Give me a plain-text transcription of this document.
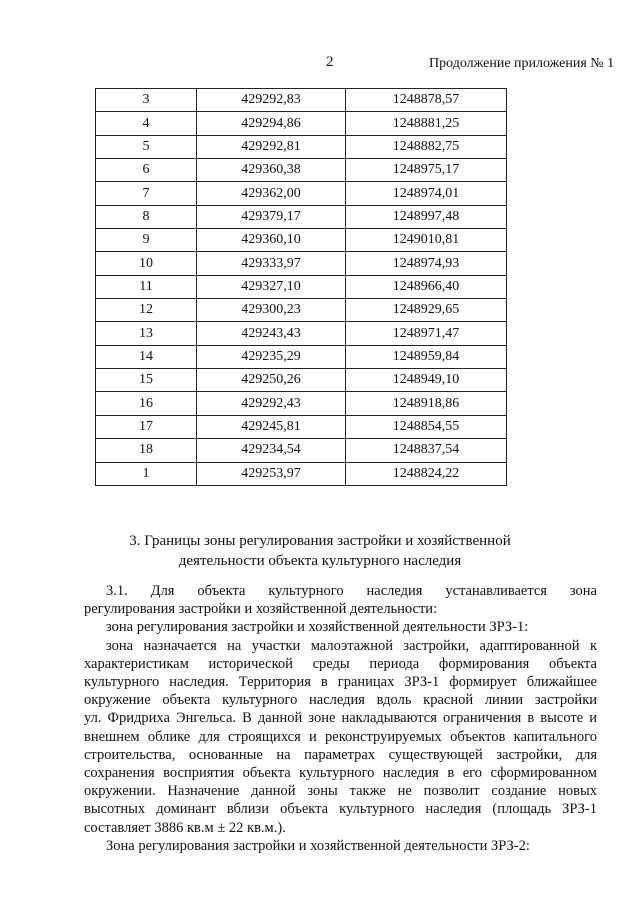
2	Продолжение приложения № 1
3	429292,83	1248878,57
4	429294,86	1248881,25
5	429292,81	1248882,75
6	429360,38	1248975,17
7	429362,00	1248974,01
8	429379,17	1248997,48
9	429360,10	1249010,81
10	429333,97	1248974,93
11	429327,10	1248966,40
12	429300,23	1248929,65
13	429243,43	1248971,47
14	429235,29	1248959,84
15	429250,26	1248949,10
16	429292,43	1248918,86
17	429245,81	1248854,55
18	429234,54	1248837,54
1	429253,97	1248824,22
3. Границы зоны регулирования застройки и хозяйственной
деятельности объекта культурного наследия

3.1. Для объекта культурного наследия устанавливается зона

регулирования застройки и хозяйственной деятельности:

зона регулирования застройки и хозяйственной деятельности ЗРЗ-1:

зона назначается на участки малоэтажной застройки, адаптированной к

характеристикам исторической среды периода формирования объекта

культурного наследия. Территория в границах ЗРЗ-1 формирует ближайшее

окружение объекта культурного наследия вдоль красной линии застройки

ул. Фридриха Энгельса. В данной зоне накладываются ограничения в высоте и

внешнем облике для строящихся и реконструируемых объектов капитального

строительства, основанные на параметрах существующей застройки, для

сохранения восприятия объекта культурного наследия в его сформированном

окружении. Назначение данной зоны также не позволит создание новых

высотных доминант вблизи объекта культурного наследия (площадь ЗРЗ-1

составляет 3886 кв.м ± 22 кв.м.).

Зона регулирования застройки и хозяйственной деятельности ЗРЗ-2:
